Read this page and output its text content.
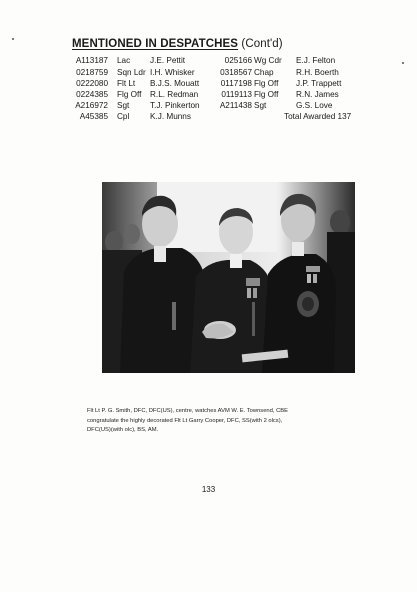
MENTIONED IN DESPATCHES (Cont'd)
A113187 Lac J.E. Pettit
0218759 Sqn Ldr I.H. Whisker
0222080 Flt Lt B.J.S. Mouatt
0224385 Flg Off R.L. Redman
A216972 Sgt	T.J. Pinkerton
A45385 Cpl	K.J. Munns
025166 Wg Cdr E.J. Felton
0318567 Chap	R.H. Boerth
0117198 Flg Off J.P. Trappett
0119113 Flg Off R.N. James
A211438 Sgt	G.S. Love
Total Awarded 137
Flt Lt P. G. Smith, DFC, DFC(US), centre, watches AVM W. E. Townsend, CBE
congratulate the highly decorated Flt Lt Garry Cooper, DFC, SS(with 2 olcs),
DFC(US)(with olc), BS, AM.
133
